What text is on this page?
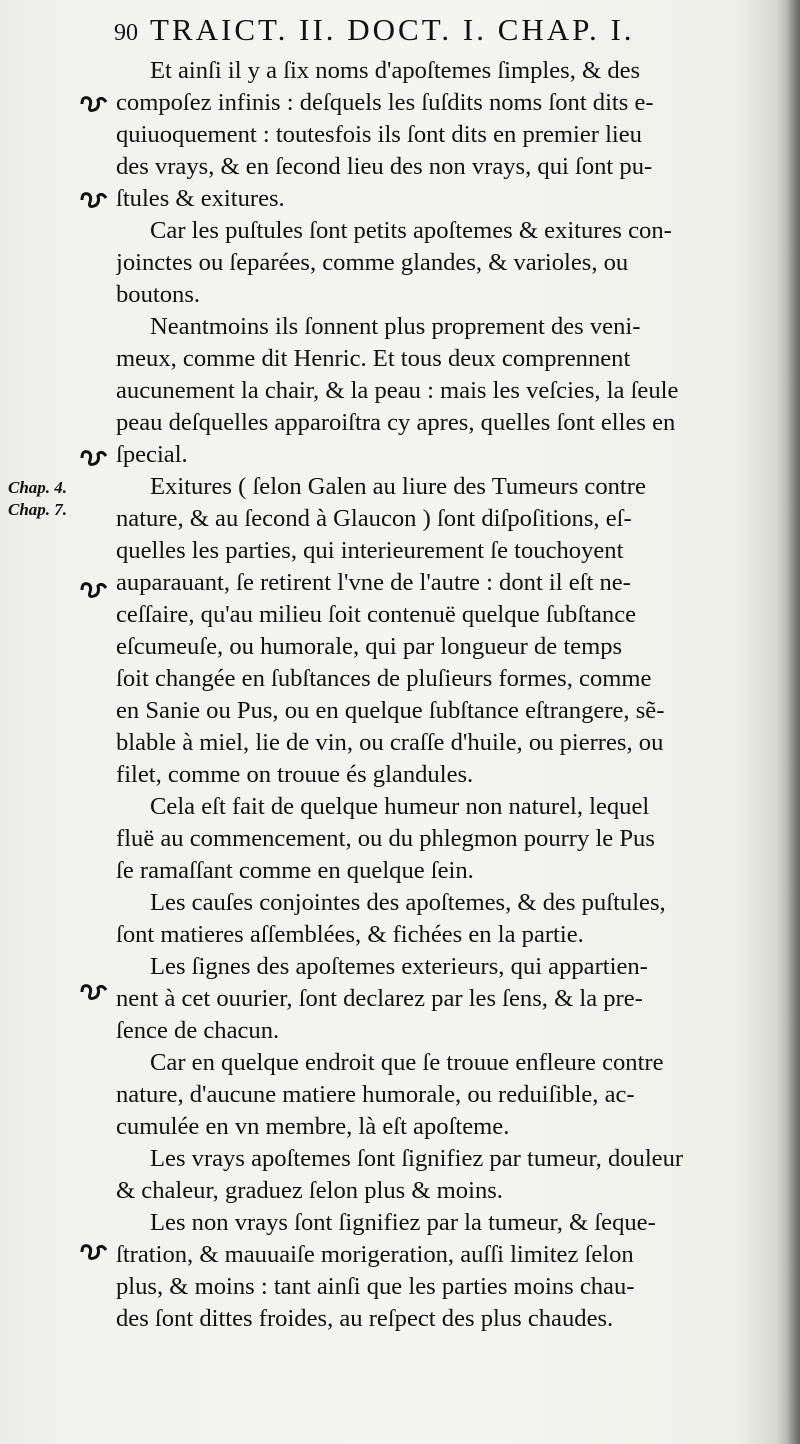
90 TRAICT. II. DOCT. I. CHAP. I.
Chap. 4.
Chap. 7.
Et ainſi il y a ſix noms d'apoſtemes ſimples, & des
compoſez infinis : deſquels les ſuſdits noms ſont dits e-
quiuoquement : toutesfois ils ſont dits en premier lieu
des vrays, & en ſecond lieu des non vrays, qui ſont pu-
ſtules & exitures.
Car les puſtules ſont petits apoſtemes & exitures con-
joinctes ou ſeparées, comme glandes, & varioles, ou
boutons.
Neantmoins ils ſonnent plus proprement des veni-
meux, comme dit Henric. Et tous deux comprennent
aucunement la chair, & la peau : mais les veſcies, la ſeule
peau deſquelles apparoiſtra cy apres, quelles ſont elles en
ſpecial.
Exitures ( ſelon Galen au liure des Tumeurs contre
nature, & au ſecond à Glaucon ) ſont diſpoſitions, eſ-
quelles les parties, qui interieurement ſe touchoyent
auparauant, ſe retirent l'vne de l'autre : dont il eſt ne-
ceſſaire, qu'au milieu ſoit contenuë quelque ſubſtance
eſcumeuſe, ou humorale, qui par longueur de temps
ſoit changée en ſubſtances de pluſieurs formes, comme
en Sanie ou Pus, ou en quelque ſubſtance eſtrangere, sẽ-
blable à miel, lie de vin, ou craſſe d'huile, ou pierres, ou
filet, comme on trouue és glandules.
Cela eſt fait de quelque humeur non naturel, lequel
fluë au commencement, ou du phlegmon pourry le Pus
ſe ramaſſant comme en quelque ſein.
Les cauſes conjointes des apoſtemes, & des puſtules,
ſont matieres aſſemblées, & fichées en la partie.
Les ſignes des apoſtemes exterieurs, qui appartien-
nent à cet ouurier, ſont declarez par les ſens, & la pre-
ſence de chacun.
Car en quelque endroit que ſe trouue enfleure contre
nature, d'aucune matiere humorale, ou reduiſible, ac-
cumulée en vn membre, là eſt apoſteme.
Les vrays apoſtemes ſont ſignifiez par tumeur, douleur
& chaleur, graduez ſelon plus & moins.
Les non vrays ſont ſignifiez par la tumeur, & ſeque-
ſtration, & mauuaiſe morigeration, auſſi limitez ſelon
plus, & moins : tant ainſi que les parties moins chau-
des ſont dittes froides, au reſpect des plus chaudes.
